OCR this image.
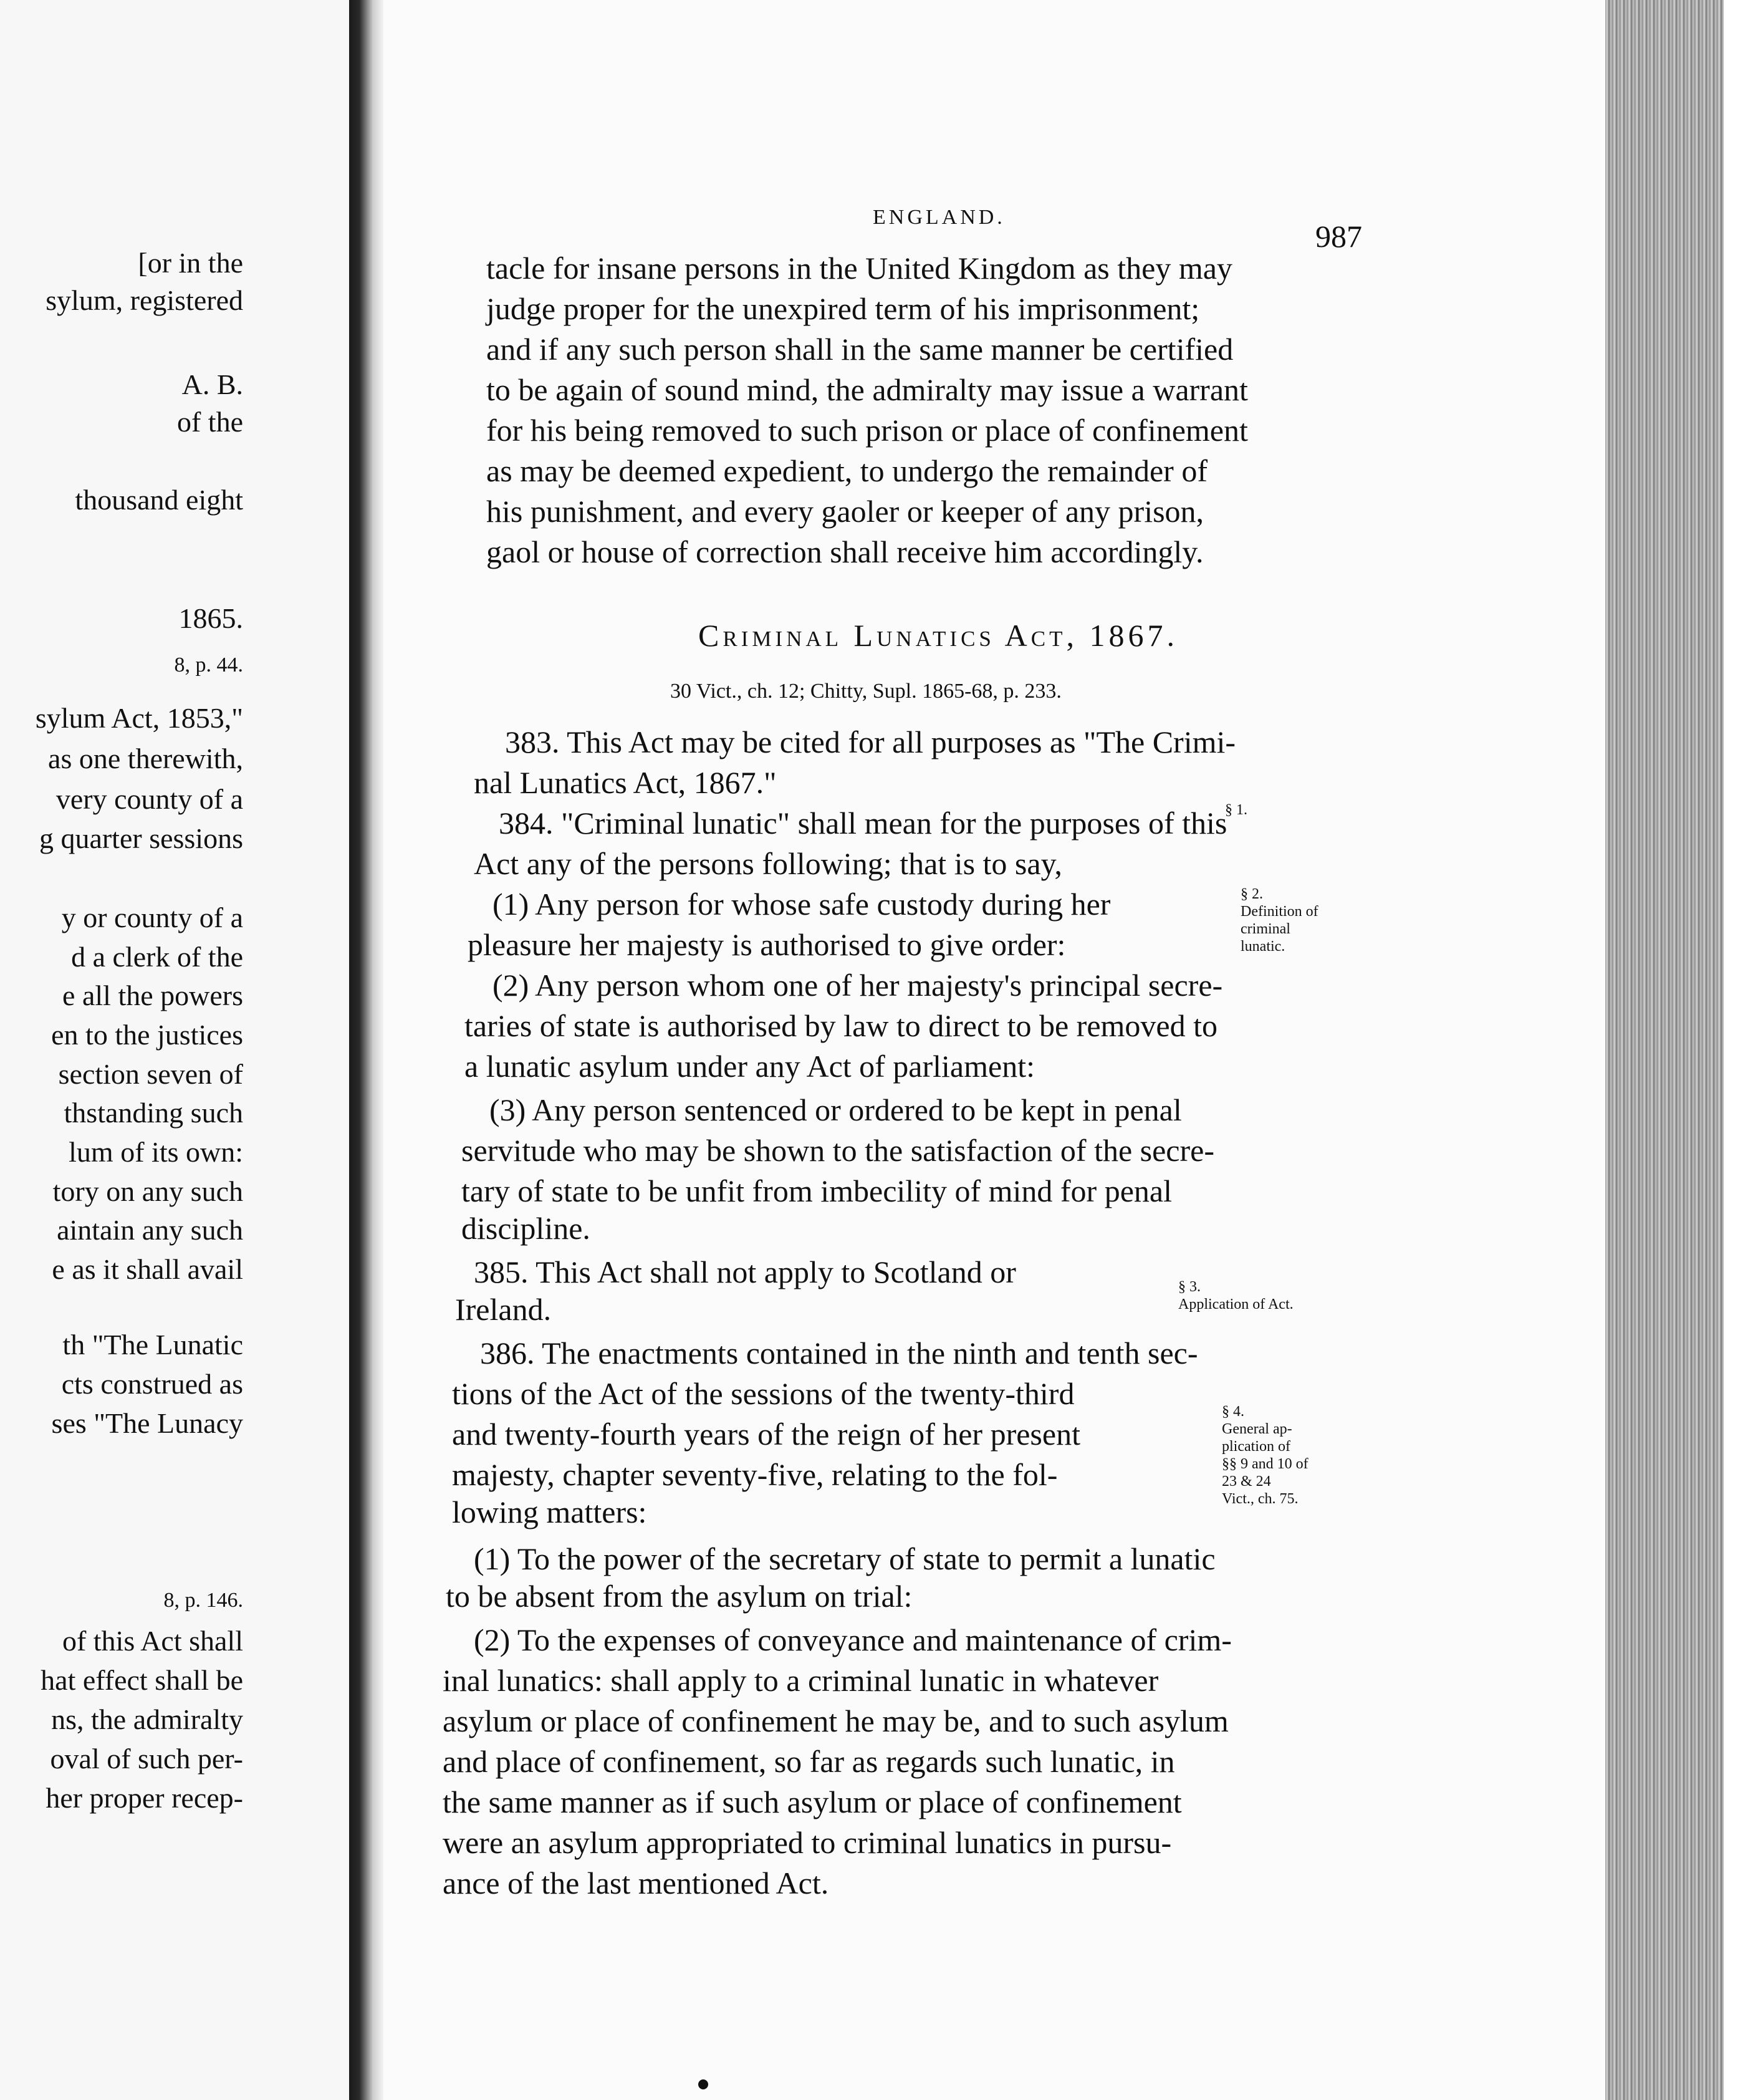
[or in the
sylum, registered
A. B.
of the
thousand eight
1865.
8, p. 44.
sylum Act, 1853,"
as one therewith,
very county of a
g quarter sessions
y or county of a
d a clerk of the
e all the powers
en to the justices
section seven of
thstanding such
lum of its own:
tory on any such
aintain any such
e as it shall avail
th "The Lunatic
cts construed as
ses "The Lunacy
8, p. 146.
of this Act shall
hat effect shall be
ns, the admiralty
oval of such per-
her proper recep-
ENGLAND.
987
tacle for insane persons in the United Kingdom as they may
judge proper for the unexpired term of his imprisonment;
and if any such person shall in the same manner be certified
to be again of sound mind, the admiralty may issue a warrant
for his being removed to such prison or place of confinement
as may be deemed expedient, to undergo the remainder of
his punishment, and every gaoler or keeper of any prison,
gaol or house of correction shall receive him accordingly.
Criminal Lunatics Act, 1867.
30 Vict., ch. 12; Chitty, Supl. 1865-68, p. 233.
383. This Act may be cited for all purposes as "The Crimi-
nal Lunatics Act, 1867."
384. "Criminal lunatic" shall mean for the purposes of this
Act any of the persons following; that is to say,
(1) Any person for whose safe custody during her
pleasure her majesty is authorised to give order:
(2) Any person whom one of her majesty's principal secre-
taries of state is authorised by law to direct to be removed to
a lunatic asylum under any Act of parliament:
(3) Any person sentenced or ordered to be kept in penal
servitude who may be shown to the satisfaction of the secre-
tary of state to be unfit from imbecility of mind for penal
discipline.
385. This Act shall not apply to Scotland or
Ireland.
386. The enactments contained in the ninth and tenth sec-
tions of the Act of the sessions of the twenty-third
and twenty-fourth years of the reign of her present
majesty, chapter seventy-five, relating to the fol-
lowing matters:
(1) To the power of the secretary of state to permit a lunatic
to be absent from the asylum on trial:
(2) To the expenses of conveyance and maintenance of crim-
inal lunatics: shall apply to a criminal lunatic in whatever
asylum or place of confinement he may be, and to such asylum
and place of confinement, so far as regards such lunatic, in
the same manner as if such asylum or place of confinement
were an asylum appropriated to criminal lunatics in pursu-
ance of the last mentioned Act.
§ 1.
§ 2.
Definition of
criminal
lunatic.
§ 3.
Application of Act.
§ 4.
General ap-
plication of
§§ 9 and 10 of
23 & 24
Vict., ch. 75.
